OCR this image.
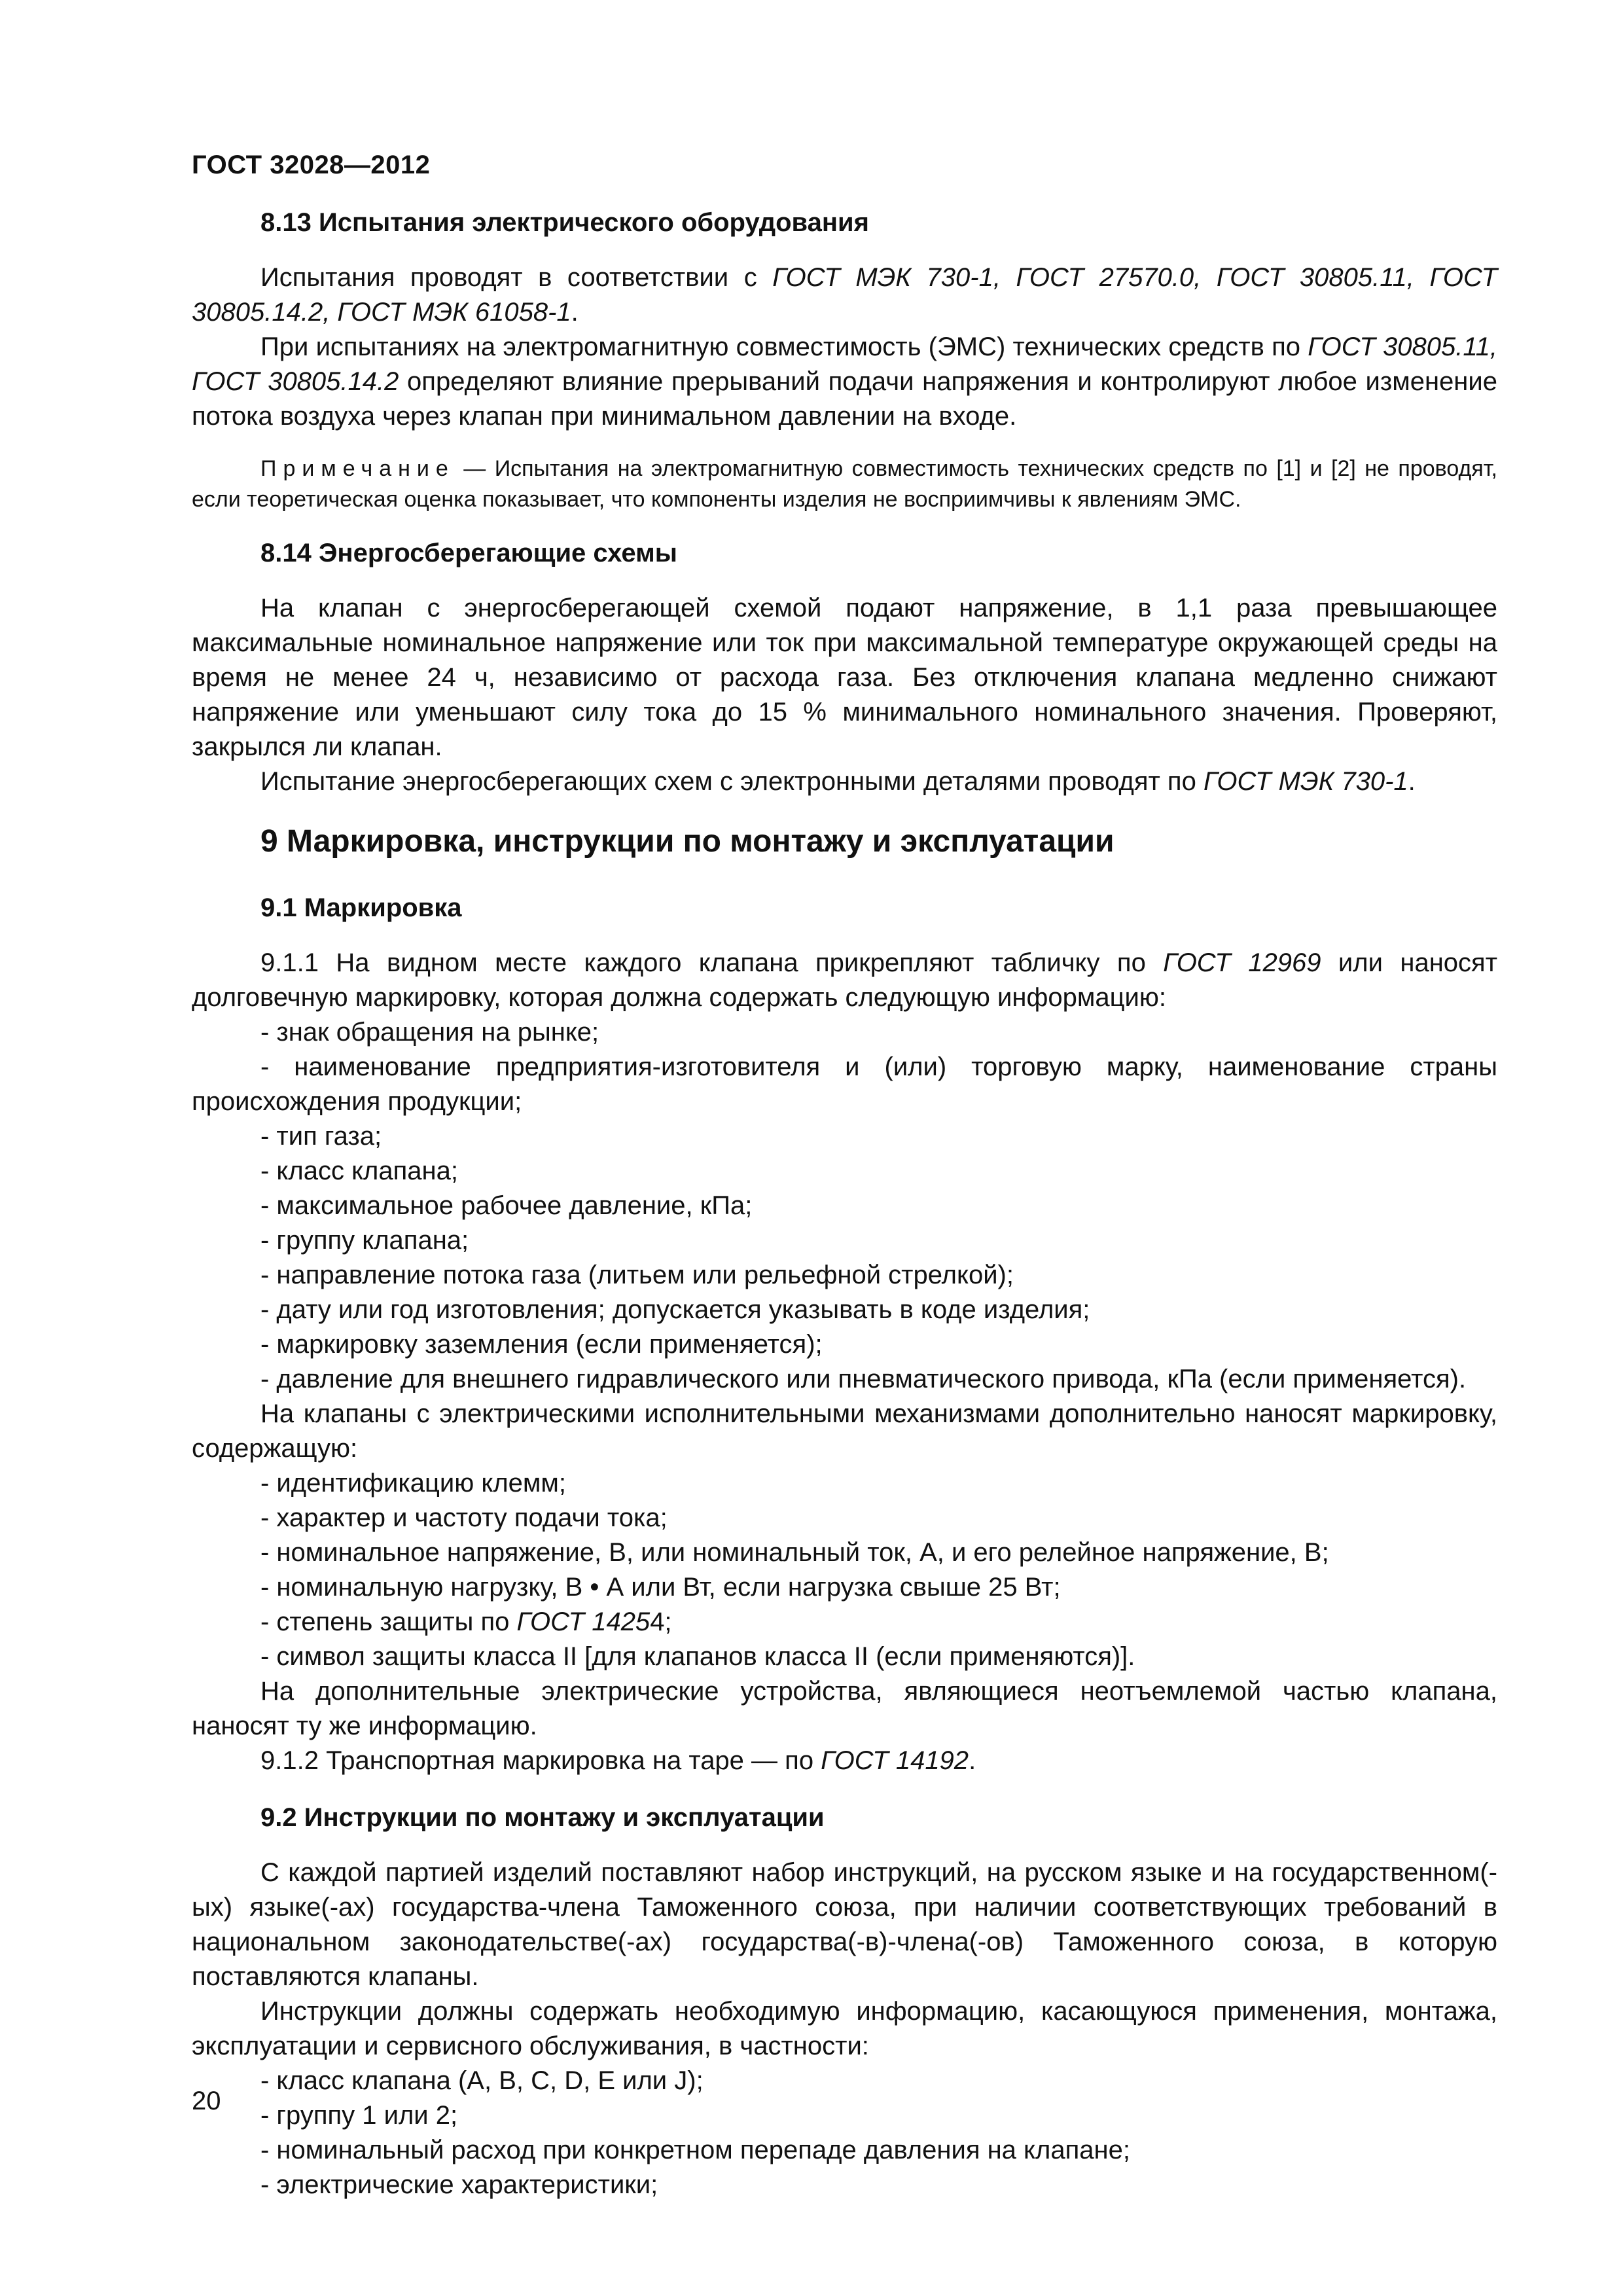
ГОСТ 32028—2012
8.13 Испытания электрического оборудования

Испытания проводят в соответствии с ГОСТ МЭК 730-1, ГОСТ 27570.0, ГОСТ 30805.11, ГОСТ 30805.14.2, ГОСТ МЭК 61058-1.

При испытаниях на электромагнитную совместимость (ЭМС) технических средств по ГОСТ 30805.11, ГОСТ 30805.14.2 определяют влияние прерываний подачи напряжения и контролируют любое изменение потока воздуха через клапан при минимальном давлении на входе.

Примечание — Испытания на электромагнитную совместимость технических средств по [1] и [2] не проводят, если теоретическая оценка показывает, что компоненты изделия не восприимчивы к явлениям ЭМС.

8.14 Энергосберегающие схемы

На клапан с энергосберегающей схемой подают напряжение, в 1,1 раза превышающее максимальные номинальное напряжение или ток при максимальной температуре окружающей среды на время не менее 24 ч, независимо от расхода газа. Без отключения клапана медленно снижают напряжение или уменьшают силу тока до 15 % минимального номинального значения. Проверяют, закрылся ли клапан.

Испытание энергосберегающих схем с электронными деталями проводят по ГОСТ МЭК 730-1.

9 Маркировка, инструкции по монтажу и эксплуатации
9.1 Маркировка

9.1.1 На видном месте каждого клапана прикрепляют табличку по ГОСТ 12969 или наносят долговечную маркировку, которая должна содержать следующую информацию:

- знак обращения на рынке;

- наименование предприятия-изготовителя и (или) торговую марку, наименование страны происхождения продукции;

- тип газа;

- класс клапана;

- максимальное рабочее давление, кПа;

- группу клапана;

- направление потока газа (литьем или рельефной стрелкой);

- дату или год изготовления; допускается указывать в коде изделия;

- маркировку заземления (если применяется);

- давление для внешнего гидравлического или пневматического привода, кПа (если применяется).

На клапаны с электрическими исполнительными механизмами дополнительно наносят маркировку, содержащую:

- идентификацию клемм;

- характер и частоту подачи тока;

- номинальное напряжение, В, или номинальный ток, А, и его релейное напряжение, В;

- номинальную нагрузку, В • А или Вт, если нагрузка свыше 25 Вт;

- степень защиты по ГОСТ 14254;

- символ защиты класса II [для клапанов класса II (если применяются)].

На дополнительные электрические устройства, являющиеся неотъемлемой частью клапана, наносят ту же информацию.

9.1.2 Транспортная маркировка на таре — по ГОСТ 14192.

9.2 Инструкции по монтажу и эксплуатации

С каждой партией изделий поставляют набор инструкций, на русском языке и на государственном(-ых) языке(-ах) государства-члена Таможенного союза, при наличии соответствующих требований в национальном законодательстве(-ах) государства(-в)-члена(-ов) Таможенного союза, в которую поставляются клапаны.

Инструкции должны содержать необходимую информацию, касающуюся применения, монтажа, эксплуатации и сервисного обслуживания, в частности:

- класс клапана (А, В, С, D, Е или J);

- группу 1 или 2;

- номинальный расход при конкретном перепаде давления на клапане;

- электрические характеристики;

20
